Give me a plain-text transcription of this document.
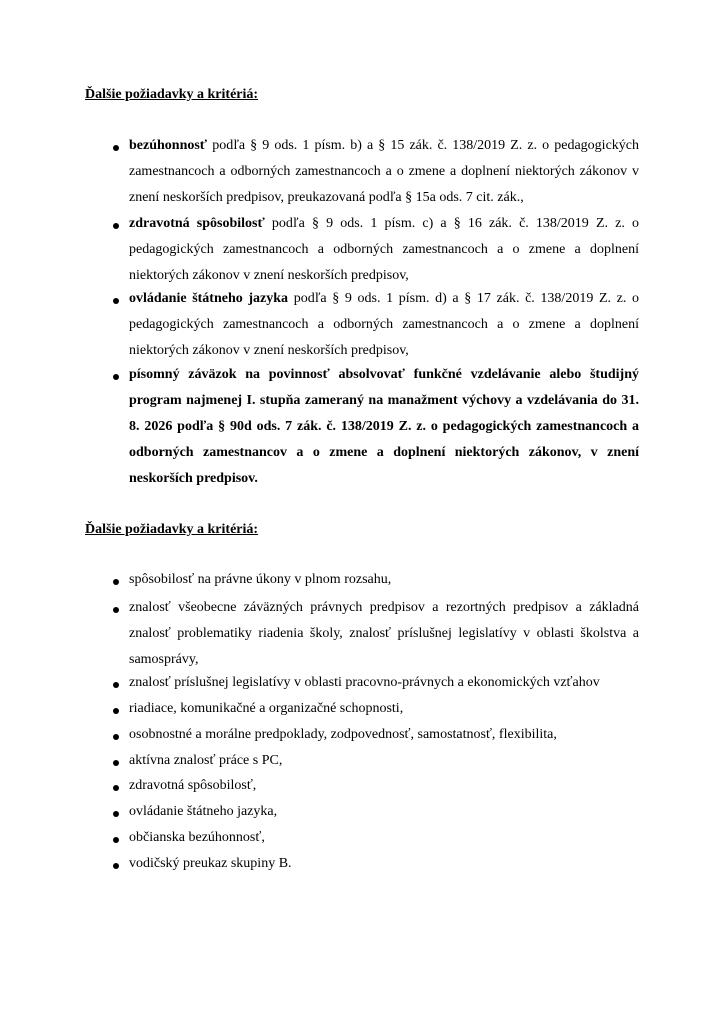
Ďalšie požiadavky a kritériá:
bezúhonnosť podľa § 9 ods. 1 písm. b) a § 15 zák. č. 138/2019 Z. z. o pedagogických zamestnancoch a odborných zamestnancoch a o zmene a doplnení niektorých zákonov v znení neskorších predpisov, preukazovaná podľa § 15a ods. 7 cit. zák.,
zdravotná spôsobilosť podľa § 9 ods. 1 písm. c) a § 16 zák. č. 138/2019 Z. z. o pedagogických zamestnancoch a odborných zamestnancoch a o zmene a doplnení niektorých zákonov v znení neskorších predpisov,
ovládanie štátneho jazyka podľa § 9 ods. 1 písm. d) a § 17 zák. č. 138/2019 Z. z. o pedagogických zamestnancoch a odborných zamestnancoch a o zmene a doplnení niektorých zákonov v znení neskorších predpisov,
písomný záväzok na povinnosť absolvovať funkčné vzdelávanie alebo študijný program najmenej I. stupňa zameraný na manažment výchovy a vzdelávania do 31. 8. 2026 podľa § 90d ods. 7 zák. č. 138/2019 Z. z. o pedagogických zamestnancoch a odborných zamestnancov a o zmene a doplnení niektorých zákonov, v znení neskorších predpisov.
Ďalšie požiadavky a kritériá:
spôsobilosť na právne úkony v plnom rozsahu,
znalosť všeobecne záväzných právnych predpisov a rezortných predpisov a základná znalosť problematiky riadenia školy, znalosť príslušnej legislatívy v oblasti školstva a samosprávy,
znalosť príslušnej legislatívy v oblasti pracovno-právnych a ekonomických vzťahov
riadiace, komunikačné a organizačné schopnosti,
osobnostné a morálne predpoklady, zodpovednosť, samostatnosť, flexibilita,
aktívna znalosť práce s PC,
zdravotná spôsobilosť,
ovládanie štátneho jazyka,
občianska bezúhonnosť,
vodičský preukaz skupiny B.
